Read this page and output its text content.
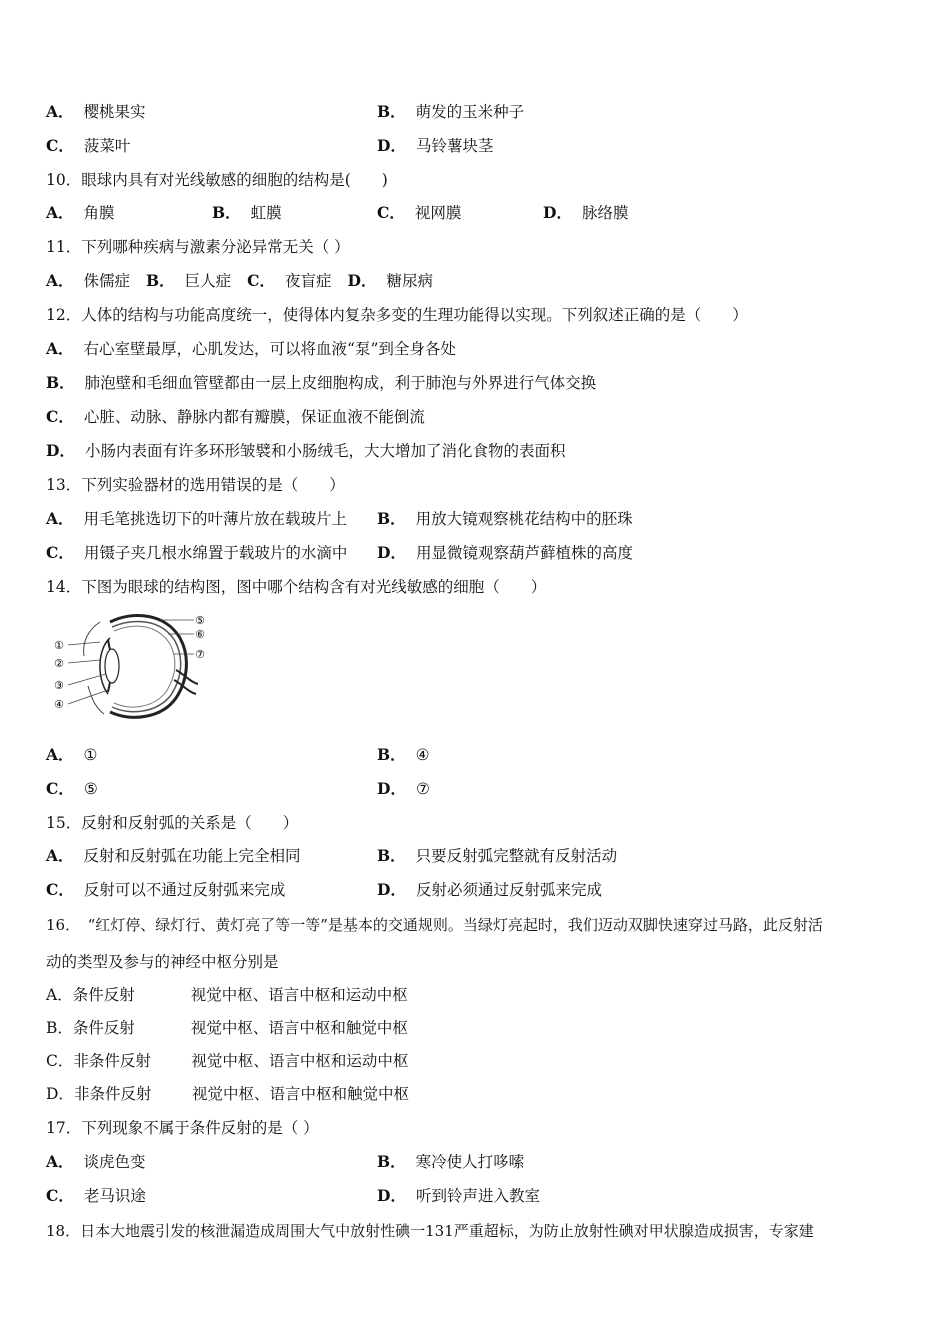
A． 樱桃果实	B． 萌发的玉米种子
C． 菠菜叶	D． 马铃薯块茎
10．眼球内具有对光线敏感的细胞的结构是(　　)
A． 角膜	B． 虹膜	C． 视网膜	D． 脉络膜
11．下列哪种疾病与激素分泌异常无关（ ）
A． 侏儒症 B． 巨人症 C． 夜盲症 D． 糖尿病
12．人体的结构与功能高度统一，使得体内复杂多变的生理功能得以实现。下列叙述正确的是（　　）
A． 右心室壁最厚，心肌发达，可以将血液“泵”到全身各处
B． 肺泡壁和毛细血管壁都由一层上皮细胞构成，利于肺泡与外界进行气体交换
C． 心脏、动脉、静脉内都有瓣膜，保证血液不能倒流
D． 小肠内表面有许多环形皱襞和小肠绒毛，大大增加了消化食物的表面积
13．下列实验器材的选用错误的是（　　）
A． 用毛笔挑选切下的叶薄片放在载玻片上 B． 用放大镜观察桃花结构中的胚珠
C． 用镊子夹几根水绵置于载玻片的水滴中 D． 用显微镜观察葫芦藓植株的高度
14．下图为眼球的结构图，图中哪个结构含有对光线敏感的细胞（　　）
①
②
③
④
⑤
⑥
⑦
A． ①	B． ④
C． ⑤	D． ⑦
15．反射和反射弧的关系是（　　）
A． 反射和反射弧在功能上完全相同	B． 只要反射弧完整就有反射活动
C． 反射可以不通过反射弧来完成	D． 反射必须通过反射弧来完成
16．　“红灯停、绿灯行、黄灯亮了等一等”是基本的交通规则。当绿灯亮起时，我们迈动双脚快速穿过马路，此反射活
动的类型及参与的神经中枢分别是
A．条件反射	视觉中枢、语言中枢和运动中枢
B．条件反射	视觉中枢、语言中枢和触觉中枢
C．非条件反射	视觉中枢、语言中枢和运动中枢
D．非条件反射	视觉中枢、语言中枢和触觉中枢
17．下列现象不属于条件反射的是（ ）
A． 谈虎色变	B． 寒冷使人打哆嗦
C． 老马识途	D． 听到铃声进入教室
18．日本大地震引发的核泄漏造成周围大气中放射性碘一131严重超标，为防止放射性碘对甲状腺造成损害，专家建
